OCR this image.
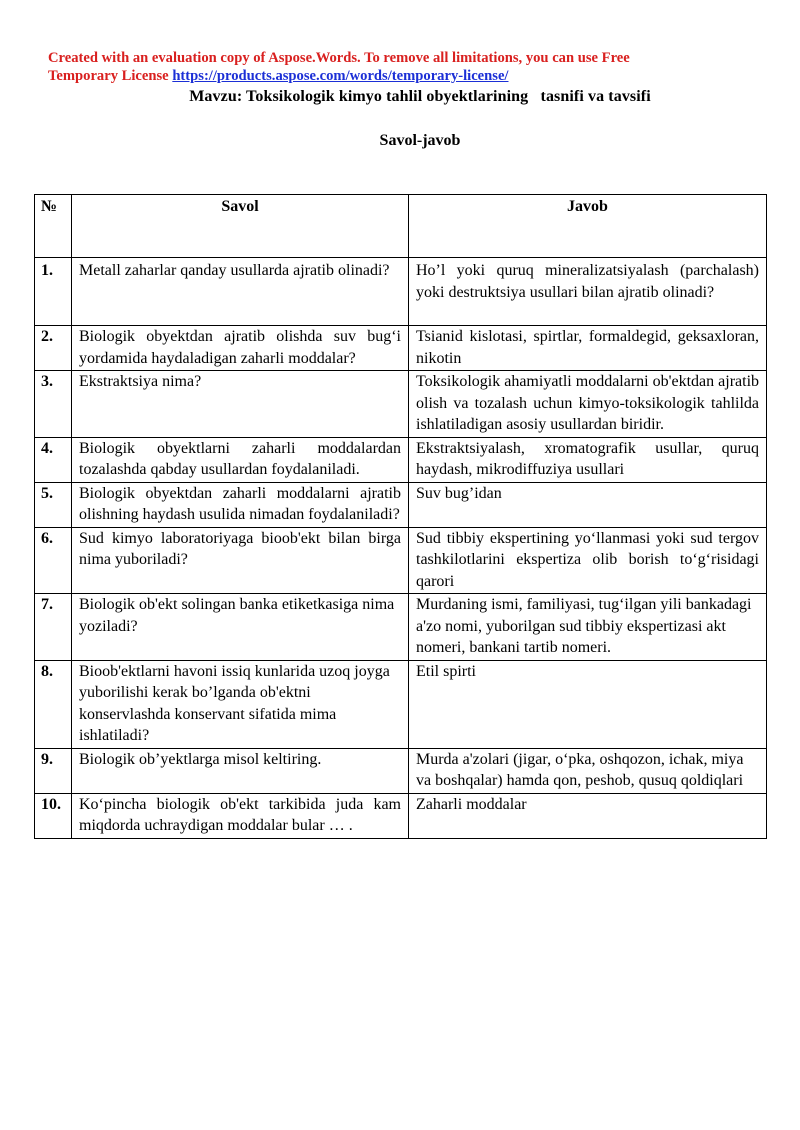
Created with an evaluation copy of Aspose.Words. To remove all limitations, you can use Free
Temporary License https://products.aspose.com/words/temporary-license/
Mavzu: Toksikologik kimyo tahlil obyektlarining   tasnifi va tavsifi
Savol-javob
№	Savol	Javob
1.	Metall zaharlar qanday usullarda ajratib olinadi?	Ho’l yoki quruq mineralizatsiyalash (parchalash) yoki destruktsiya usullari bilan ajratib olinadi?
2.	Biologik obyektdan ajratib olishda suv bug‘i yordamida haydaladigan zaharli moddalar?	Tsianid kislotasi, spirtlar, formaldegid, geksaxloran, nikotin
3.	Ekstraktsiya nima?	Toksikologik ahamiyatli moddalarni ob'ektdan ajratib olish va tozalash uchun kimyo-toksikologik tahlilda ishlatiladigan asosiy usullardan biridir.
4.	Biologik obyektlarni zaharli moddalardan tozalashda qabday usullardan foydalaniladi.	Ekstraktsiyalash, xromatografik usullar, quruq haydash, mikrodiffuziya usullari
5.	Biologik obyektdan zaharli moddalarni ajratib olishning haydash usulida nimadan foydalaniladi?	Suv bug’idan
6.	Sud kimyo laboratoriyaga bioob'ekt bilan birga nima yuboriladi?	Sud tibbiy ekspertining yo‘llanmasi yoki sud tergov tashkilotlarini ekspertiza olib borish to‘g‘risidagi qarori
7.	Biologik ob'ekt solingan banka etiketkasiga nima yoziladi?	Murdaning ismi, familiyasi, tug‘ilgan yili bankadagi a'zo nomi, yuborilgan sud tibbiy ekspertizasi akt nomeri, bankani tartib nomeri.
8.	Bioob'ektlarni havoni issiq kunlarida uzoq joyga yuborilishi kerak bo’lganda ob'ektni konservlashda konservant sifatida mima ishlatiladi?	Etil spirti
9.	Biologik ob’yektlarga misol keltiring.	Murda a'zolari (jigar, o‘pka, oshqozon, ichak, miya va boshqalar) hamda qon, peshob, qusuq qoldiqlari
10.	Ko‘pincha biologik ob'ekt tarkibida juda kam miqdorda uchraydigan moddalar bular … .	Zaharli moddalar
